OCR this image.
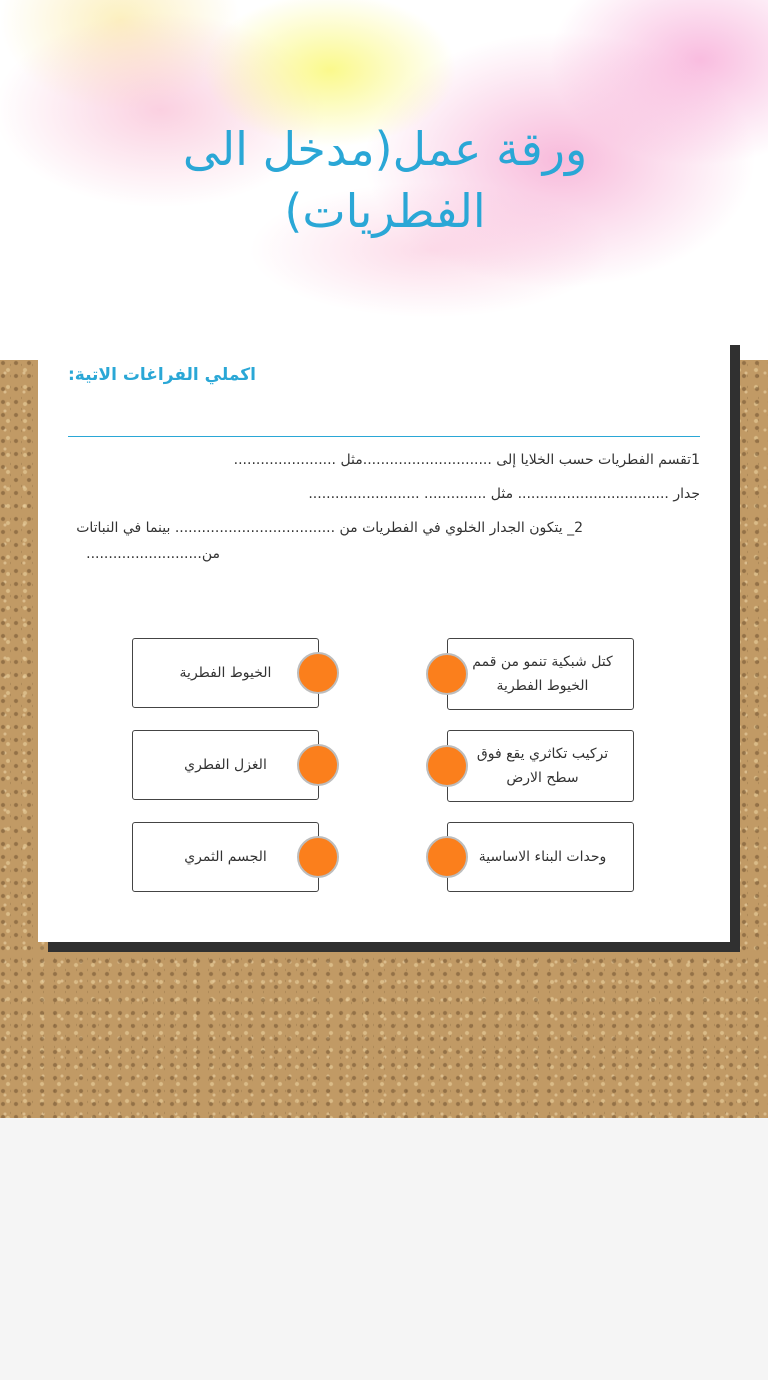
ورقة عمل(مدخل الى الفطريات)
اكملي الفراغات الاتية:
1تقسم الفطريات حسب الخلايا إلى .............................مثل .......................
جدار .................................. مثل .............. .........................
2_ يتكون الجدار الخلوي في الفطريات من .................................... بينما في النباتات
من..........................
الخيوط الفطرية
كتل شبكية تنمو من قمم الخيوط الفطرية
الغزل الفطري
تركيب تكاثري يقع فوق سطح الارض
الجسم الثمري	وحدات البناء الاساسية
